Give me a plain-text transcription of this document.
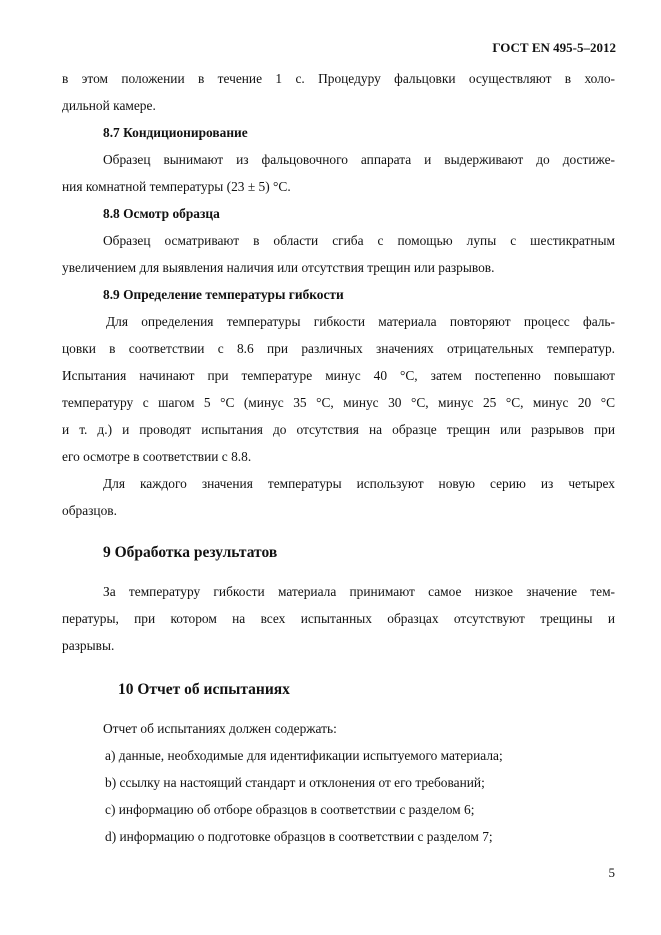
ГОСТ EN 495-5–2012
в этом положении в течение 1 с. Процедуру фальцовки осуществляют в холо-
дильной камере.
8.7 Кондиционирование
Образец вынимают из фальцовочного аппарата и выдерживают до достиже-
ния комнатной температуры (23 ± 5) °С.
8.8 Осмотр образца
Образец осматривают в области сгиба с помощью лупы с шестикратным
увеличением для выявления наличия или отсутствия трещин или разрывов.
8.9 Определение температуры гибкости
Для определения температуры гибкости материала повторяют процесс фаль-
цовки в соответствии с 8.6 при различных значениях отрицательных температур.
Испытания начинают при температуре минус 40 °С, затем постепенно повышают
температуру с шагом 5 °С (минус 35 °С, минус 30 °С, минус 25 °С, минус 20 °С
и т. д.) и проводят испытания до отсутствия на образце трещин или разрывов при
его осмотре в соответствии с 8.8.
Для каждого значения температуры используют новую серию из четырех
образцов.
9 Обработка результатов
За температуру гибкости материала принимают самое низкое значение тем-
пературы, при котором на всех испытанных образцах отсутствуют трещины и
разрывы.
10 Отчет об испытаниях
Отчет об испытаниях должен содержать:
a) данные, необходимые для идентификации испытуемого материала;
b) ссылку на настоящий стандарт и отклонения от его требований;
c) информацию об отборе образцов в соответствии с разделом 6;
d) информацию о подготовке образцов в соответствии с разделом 7;
5
